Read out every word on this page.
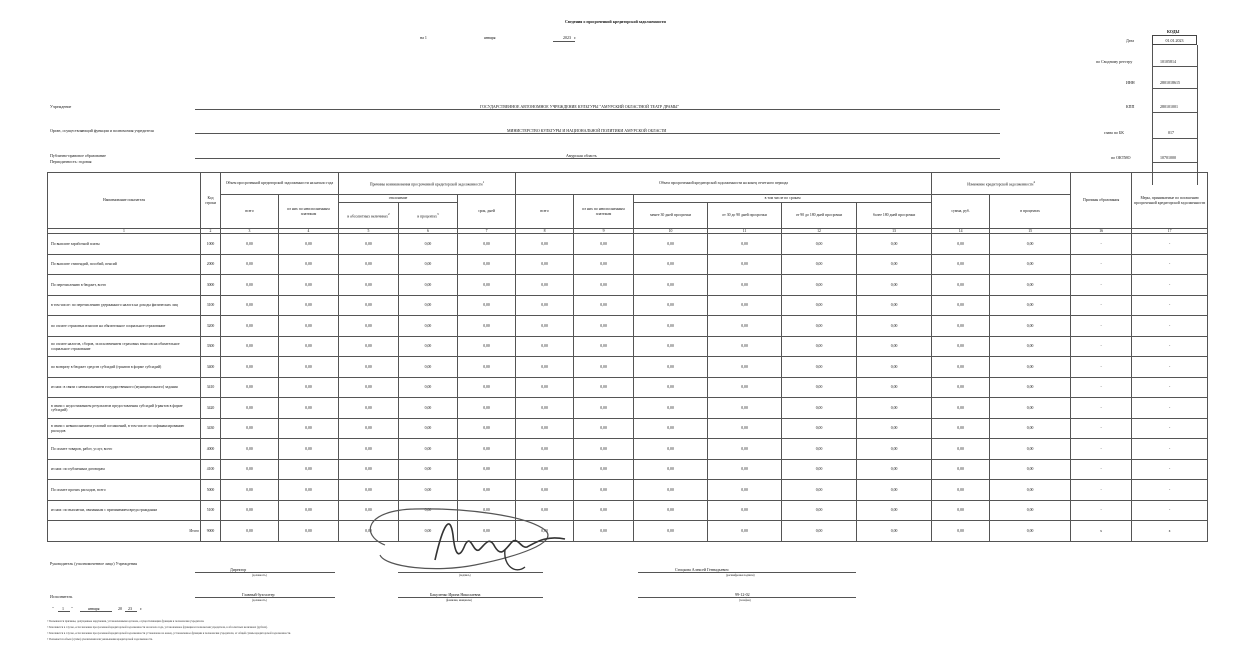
Сведения о просроченной кредиторской задолженности
на 1	января	2023 г.
КОДЫ
01.01.2023
Дата
по Сводному реестру	10105814
ИНН	2801018615
КПП	280101001
глава по БК	017
по ОКТМО	10701000
Учреждение	ГОСУДАРСТВЕННОЕ АВТОНОМНОЕ УЧРЕЖДЕНИЕ КУЛЬТУРЫ "АМУРСКИЙ ОБЛАСТНОЙ ТЕАТР ДРАМЫ"
Орган, осуществляющий функции и полномочия учредителя	МИНИСТЕРСТВО КУЛЬТУРЫ И НАЦИОНАЛЬНОЙ ПОЛИТИКИ АМУРСКОЙ ОБЛАСТИ
Публично-правовое образование	Амурская область
Периодичность: годовая
Наименование показателя	Код строки	Объем просроченной кредиторской задолженности на начало года		Причины возникновения просроченной кредиторской задолженности$^1$			Объем просроченной кредиторской задолженности на конец отчетного периода						Изменение кредиторской задолженности$^4$		Причины образования	Меры, принимаемые по погашению просроченной кредиторской задолженности
		всего	из них по неисполненным платежам	отклонение		срок, дней	всего	из них по неисполненным платежам	в том числе по срокам				сумма, руб.	в процентах		
				в абсолютных величинах$^2$	в процентах$^3$				менее 30 дней просрочки	от 30 до 90 дней просрочки	от 90 до 180 дней просрочки	более 180 дней просрочки				
1	2	3	4	5	6	7	8	9	10	11	12	13	14	15	16	17
По выплате заработной платы	1000	0,00	0,00	0,00	0,00	0,00	0,00	0,00	0,00	0,00	0,00	0,00	0,00	0,00	-	-
По выплате стипендий, пособий, пенсий	2000	0,00	0,00	0,00	0,00	0,00	0,00	0,00	0,00	0,00	0,00	0,00	0,00	0,00	-	-
По перечислению в бюджет, всего	3000	0,00	0,00	0,00	0,00	0,00	0,00	0,00	0,00	0,00	0,00	0,00	0,00	0,00	-	-
в том числе: по перечислению удержанного налога на доходы физических лиц	3100	0,00	0,00	0,00	0,00	0,00	0,00	0,00	0,00	0,00	0,00	0,00	0,00	0,00	-	-
по оплате страховых взносов на обязательное социальное страхование	3200	0,00	0,00	0,00	0,00	0,00	0,00	0,00	0,00	0,00	0,00	0,00	0,00	0,00	-	-
по оплате налогов, сборов, за исключением страховых взносов на обязательное социальное страхование	3300	0,00	0,00	0,00	0,00	0,00	0,00	0,00	0,00	0,00	0,00	0,00	0,00	0,00	-	-
по возврату в бюджет средств субсидий (грантов в форме субсидий)	3400	0,00	0,00	0,00	0,00	0,00	0,00	0,00	0,00	0,00	0,00	0,00	0,00	0,00	-	-
из них: в связи с невыполнением государственного (муниципального) задания	3410	0,00	0,00	0,00	0,00	0,00	0,00	0,00	0,00	0,00	0,00	0,00	0,00	0,00	-	-
в связи с недостижением результатов предоставления субсидий (грантов в форме субсидий)	3420	0,00	0,00	0,00	0,00	0,00	0,00	0,00	0,00	0,00	0,00	0,00	0,00	0,00	-	-
в связи с невыполнением условий соглашений, в том числе по софинансированию расходов	3430	0,00	0,00	0,00	0,00	0,00	0,00	0,00	0,00	0,00	0,00	0,00	0,00	0,00	-	-
По оплате товаров, работ, услуг, всего	4000	0,00	0,00	0,00	0,00	0,00	0,00	0,00	0,00	0,00	0,00	0,00	0,00	0,00	-	-
из них: по публичным договорам	4100	0,00	0,00	0,00	0,00	0,00	0,00	0,00	0,00	0,00	0,00	0,00	0,00	0,00	-	-
По оплате прочих расходов, всего	5000	0,00	0,00	0,00	0,00	0,00	0,00	0,00	0,00	0,00	0,00	0,00	0,00	0,00	-	-
из них: по выплатам, связанным с причинением вреда гражданам	5100	0,00	0,00	0,00	0,00	0,00	0,00	0,00	0,00	0,00	0,00	0,00	0,00	0,00	-	-
Итого	9000	0,00	0,00	0,00	0,00	0,00	0,00	0,00	0,00	0,00	0,00	0,00	0,00	0,00	x	x
Руководитель (уполномоченное лицо) Учреждения
Директор
(должность)	(подпись)
Стоцкова Алексей Геннадьевич
(расшифровка подписи)
Исполнитель	Главный бухгалтер
(должность)
Бакуленко Ирина Николаевна
(фамилия, инициалы)
99-12-02
(телефон)
" 1 "	января	20 23 г.
¹ Указываются причины, допущенные нарушения, установленными органом, осуществляющим функции и полномочия учредителя.
² Заполняется в случае, если значение просроченной кредиторской задолженности на начало года, установленное функции и полномочия учредителя, в абсолютных величинах (рублях).
³ Заполняется в случае, если значение просроченной кредиторской задолженности установлено на конец, установленное функции и полномочия учредителя, от общей суммы кредиторской задолженности.
⁴ Указывается объем (сумма) увеличения или уменьшения кредиторской задолженности.
